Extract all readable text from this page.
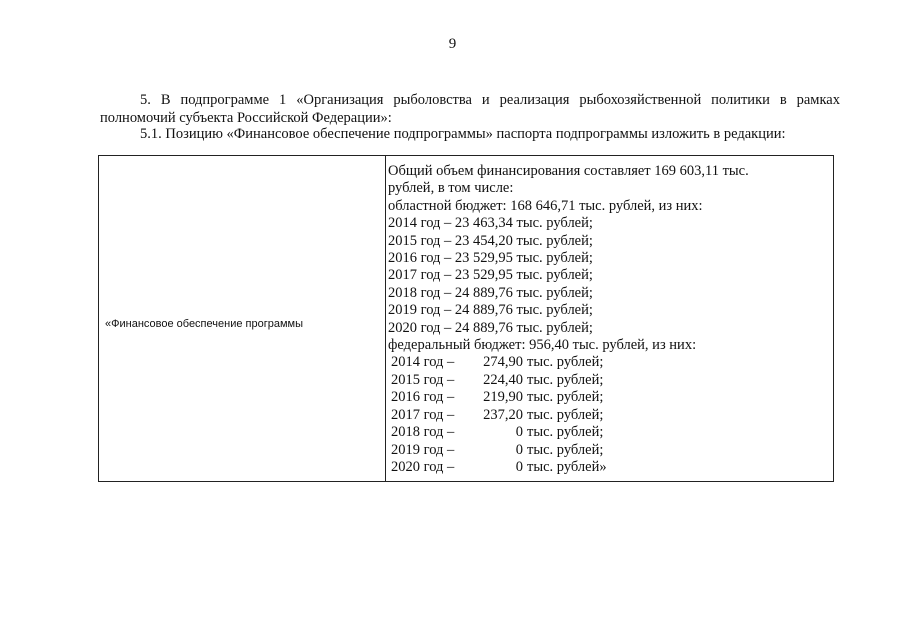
9
5. В подпрограмме 1 «Организация рыболовства и реализация рыбохозяйственной политики в рамках полномочий субъекта Российской Федерации»:
5.1. Позицию «Финансовое обеспечение подпрограммы» паспорта подпрограммы изложить в редакции:
«Финансовое обеспечение программы
Общий объем финансирования составляет 169 603,11 тыс.
рублей, в том числе:
областной бюджет: 168 646,71 тыс. рублей, из них:
2014 год – 23 463,34 тыс. рублей;
2015 год – 23 454,20 тыс. рублей;
2016 год – 23 529,95 тыс. рублей;
2017 год – 23 529,95 тыс. рублей;
2018 год – 24 889,76 тыс. рублей;
2019 год – 24 889,76 тыс. рублей;
2020 год – 24 889,76 тыс. рублей;
федеральный бюджет: 956,40 тыс. рублей, из них:
2014 год –	274,90 тыс. рублей;
2015 год –	224,40 тыс. рублей;
2016 год –	219,90 тыс. рублей;
2017 год –	237,20 тыс. рублей;
2018 год –	0 тыс. рублей;
2019 год –	0 тыс. рублей;
2020 год –	0 тыс. рублей»
